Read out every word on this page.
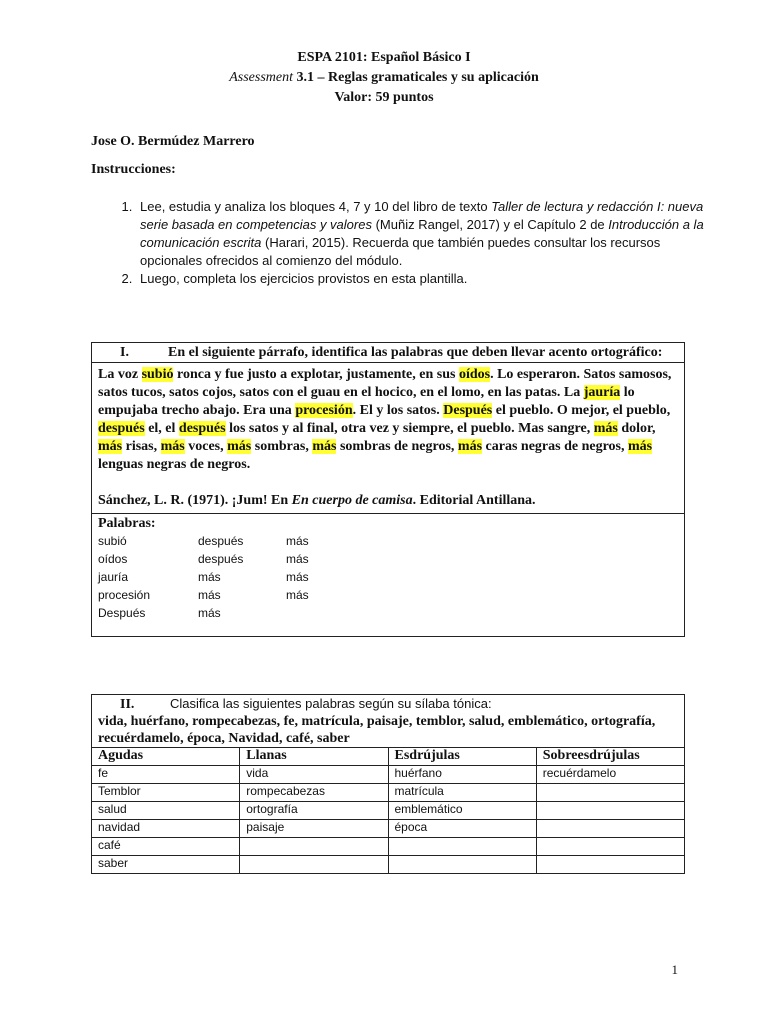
ESPA 2101: Español Básico I
Assessment 3.1 – Reglas gramaticales y su aplicación
Valor: 59 puntos
Jose O. Bermúdez Marrero
Instrucciones:
1. Lee, estudia y analiza los bloques 4, 7 y 10 del libro de texto Taller de lectura y redacción I: nueva serie basada en competencias y valores (Muñiz Rangel, 2017) y el Capítulo 2 de Introducción a la comunicación escrita (Harari, 2015). Recuerda que también puedes consultar los recursos opcionales ofrecidos al comienzo del módulo.
2. Luego, completa los ejercicios provistos en esta plantilla.
I.	En el siguiente párrafo, identifica las palabras que deben llevar acento ortográfico:

La voz subió ronca y fue justo a explotar, justamente, en sus oídos. Lo esperaron. Satos samosos, satos tucos, satos cojos, satos con el guau en el hocico, en el lomo, en las patas. La jauría lo empujaba trecho abajo. Era una procesión. El y los satos. Después el pueblo. O mejor, el pueblo, después el, el después los satos y al final, otra vez y siempre, el pueblo. Mas sangre, más dolor, más risas, más voces, más sombras, más sombras de negros, más caras negras de negros, más lenguas negras de negros.
Sánchez, L. R. (1971). ¡Jum! En En cuerpo de camisa. Editorial Antillana.

Palabras:
subió	después	más
oídos	después	más
jauría	más	más
procesión	más	más
Después	más
II. Clasifica las siguientes palabras según su sílaba tónica:
vida, huérfano, rompecabezas, fe, matrícula, paisaje, temblor, salud, emblemático, ortografía, recuérdamelo, época, Navidad, café, saber			

Agudas	Llanas	Esdrújulas	Sobreesdrújulas
fe	vida	huérfano	recuérdamelo
Temblor	rompecabezas	matrícula	
salud	ortografía	emblemático	
navidad	paisaje	época	
café			
saber			
1
